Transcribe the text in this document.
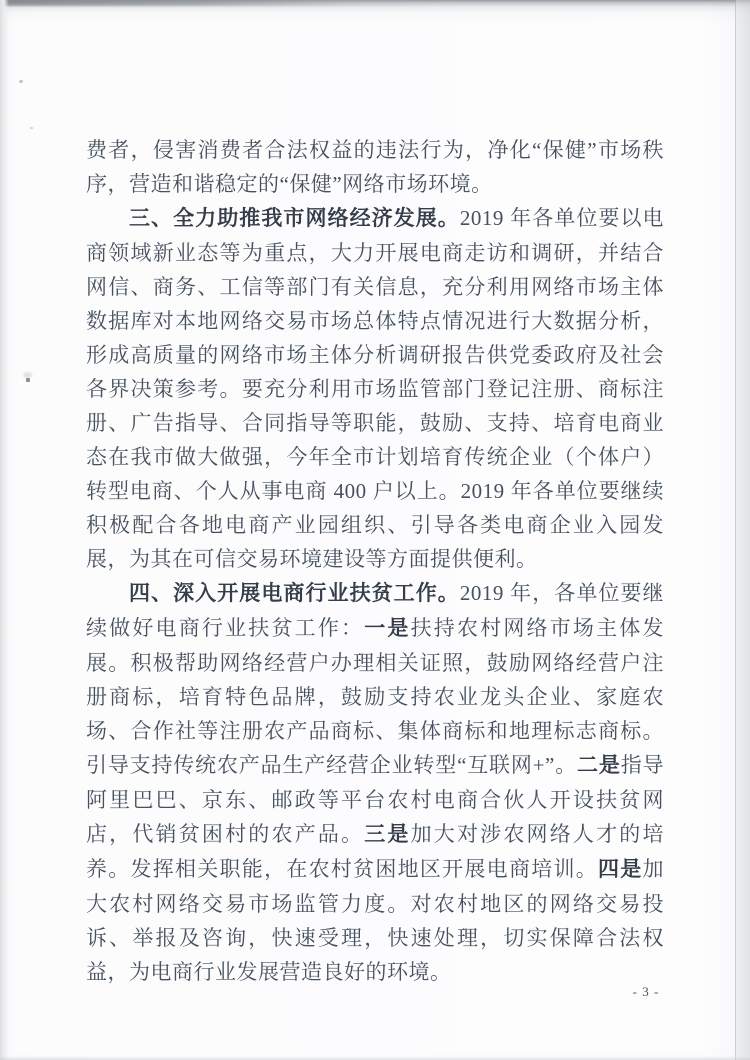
费者，侵害消费者合法权益的违法行为，净化“保健”市场秩序，营造和谐稳定的“保健”网络市场环境。

三、全力助推我市网络经济发展。2019 年各单位要以电商领域新业态等为重点，大力开展电商走访和调研，并结合网信、商务、工信等部门有关信息，充分利用网络市场主体数据库对本地网络交易市场总体特点情况进行大数据分析，形成高质量的网络市场主体分析调研报告供党委政府及社会各界决策参考。要充分利用市场监管部门登记注册、商标注册、广告指导、合同指导等职能，鼓励、支持、培育电商业态在我市做大做强，今年全市计划培育传统企业（个体户）转型电商、个人从事电商 400 户以上。2019 年各单位要继续积极配合各地电商产业园组织、引导各类电商企业入园发展，为其在可信交易环境建设等方面提供便利。

四、深入开展电商行业扶贫工作。2019 年，各单位要继续做好电商行业扶贫工作：一是扶持农村网络市场主体发展。积极帮助网络经营户办理相关证照，鼓励网络经营户注册商标，培育特色品牌，鼓励支持农业龙头企业、家庭农场、合作社等注册农产品商标、集体商标和地理标志商标。引导支持传统农产品生产经营企业转型“互联网+”。二是指导阿里巴巴、京东、邮政等平台农村电商合伙人开设扶贫网店，代销贫困村的农产品。三是加大对涉农网络人才的培养。发挥相关职能，在农村贫困地区开展电商培训。四是加大农村网络交易市场监管力度。对农村地区的网络交易投诉、举报及咨询，快速受理，快速处理，切实保障合法权益，为电商行业发展营造良好的环境。

- 3 -
